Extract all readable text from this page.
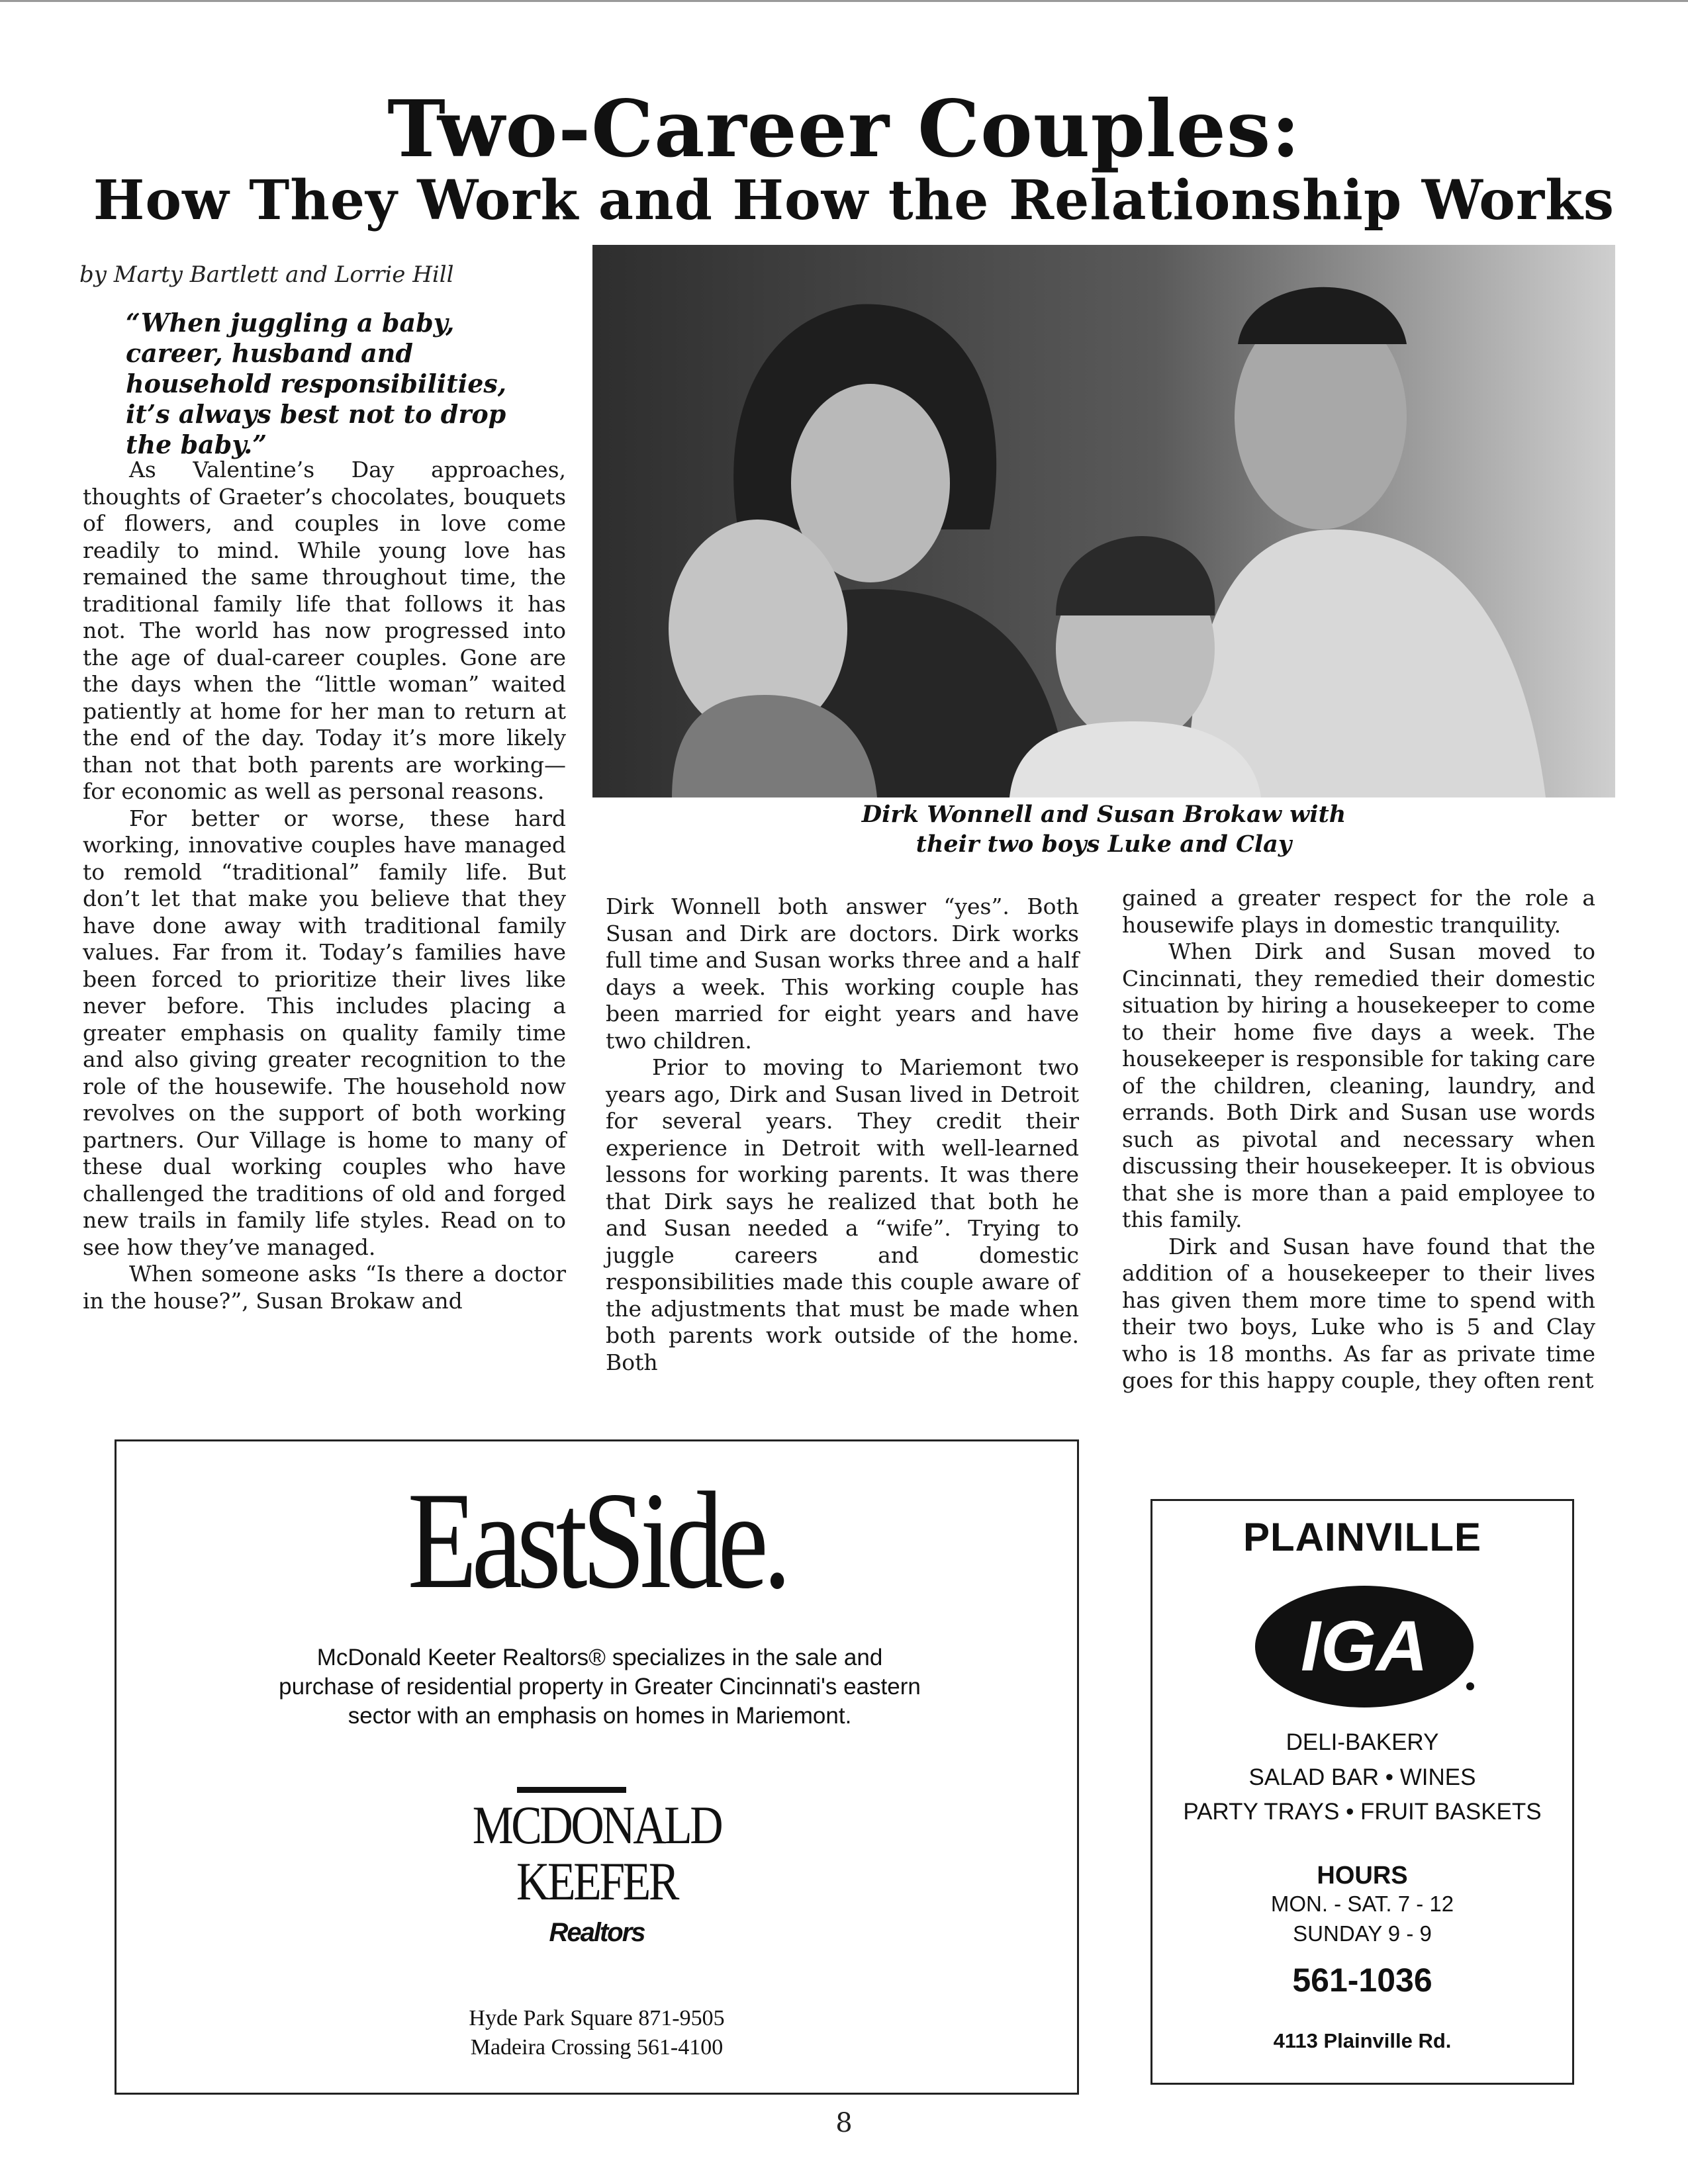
Two-Career Couples:
How They Work and How the Relationship Works
by Marty Bartlett and Lorrie Hill
“When juggling a baby, career, husband and household responsibilities, it’s always best not to drop the baby.”

As Valentine’s Day approaches, thoughts of Graeter’s chocolates, bouquets of flowers, and couples in love come readily to mind. While young love has remained the same throughout time, the traditional family life that follows it has not. The world has now progressed into the age of dual-career couples. Gone are the days when the “little woman” waited patiently at home for her man to return at the end of the day. Today it’s more likely than not that both parents are working—for economic as well as personal reasons.

For better or worse, these hard working, innovative couples have managed to remold “traditional” family life. But don’t let that make you believe that they have done away with traditional family values. Far from it. Today’s families have been forced to prioritize their lives like never before. This includes placing a greater emphasis on quality family time and also giving greater recognition to the role of the housewife. The household now revolves on the support of both working partners. Our Village is home to many of these dual working couples who have challenged the traditions of old and forged new trails in family life styles. Read on to see how they’ve managed.

When someone asks “Is there a doctor in the house?”, Susan Brokaw and

Dirk Wonnell and Susan Brokaw with
their two boys Luke and Clay

Dirk Wonnell both answer “yes”. Both Susan and Dirk are doctors. Dirk works full time and Susan works three and a half days a week. This working couple has been married for eight years and have two children.

Prior to moving to Mariemont two years ago, Dirk and Susan lived in Detroit for several years. They credit their experience in Detroit with well-learned lessons for working parents. It was there that Dirk says he realized that both he and Susan needed a “wife”. Trying to juggle careers and domestic responsibilities made this couple aware of the adjustments that must be made when both parents work outside of the home. Both

gained a greater respect for the role a housewife plays in domestic tranquility.

When Dirk and Susan moved to Cincinnati, they remedied their domestic situation by hiring a housekeeper to come to their home five days a week. The housekeeper is responsible for taking care of the children, cleaning, laundry, and errands. Both Dirk and Susan use words such as pivotal and necessary when discussing their housekeeper. It is obvious that she is more than a paid employee to this family.

Dirk and Susan have found that the addition of a housekeeper to their lives has given them more time to spend with their two boys, Luke who is 5 and Clay who is 18 months. As far as private time goes for this happy couple, they often rent

EastSide.
McDonald Keeter Realtors® specializes in the sale and purchase of residential property in Greater Cincinnati's eastern sector with an emphasis on homes in Mariemont.
MCDONALD
KEEFER
Realtors
Hyde Park Square 871-9505
Madeira Crossing 561-4100
PLAINVILLE
IGA
DELI-BAKERY
SALAD BAR • WINES
PARTY TRAYS • FRUIT BASKETS
HOURS
MON. - SAT. 7 - 12
SUNDAY 9 - 9
561-1036
4113 Plainville Rd.
8
